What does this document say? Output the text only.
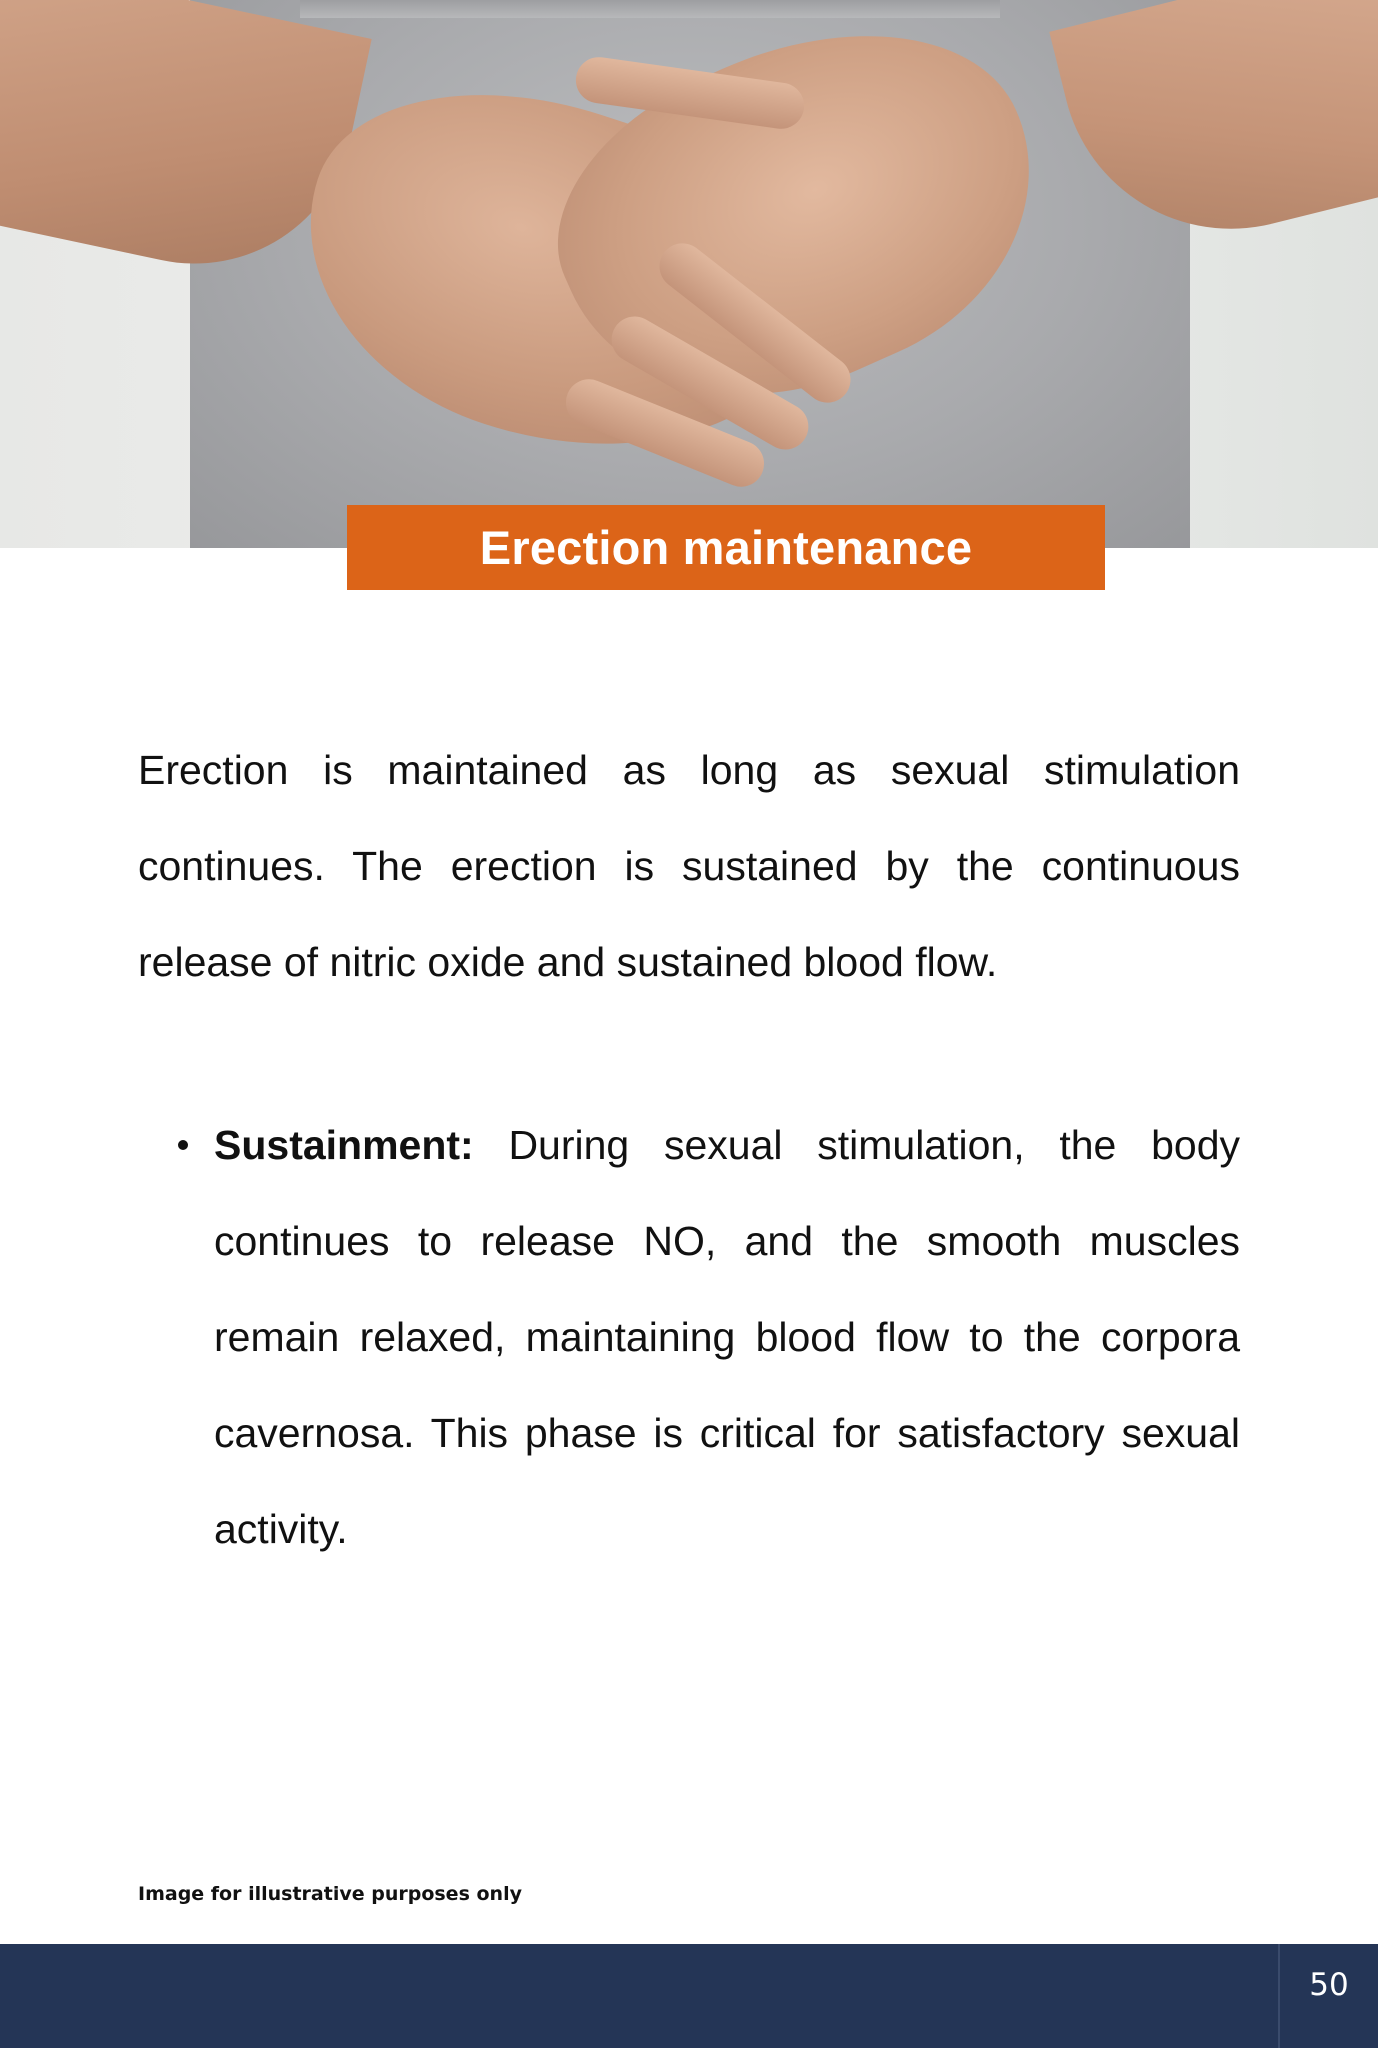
Erection maintenance

Erection is maintained as long as sexual stimulation continues. The erection is sustained by the continuous release of nitric oxide and sustained blood flow.

Sustainment: During sexual stimulation, the body continues to release NO, and the smooth muscles remain relaxed, maintaining blood flow to the corpora cavernosa. This phase is critical for satisfactory sexual activity.
Image for illustrative purposes only
50
